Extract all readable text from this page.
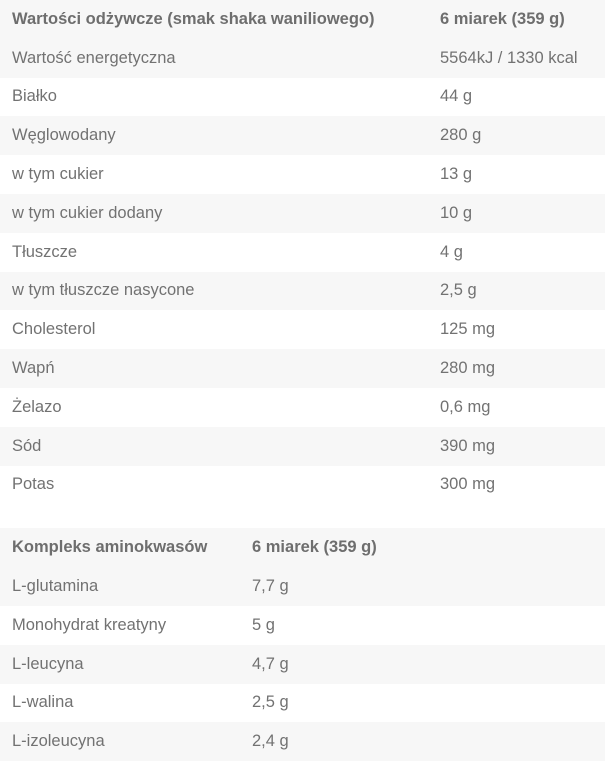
Wartości odżywcze (smak shaka waniliowego)	6 miarek (359 g)
Wartość energetyczna	5564kJ / 1330 kcal
Białko	44 g
Węglowodany	280 g
w tym cukier	13 g
w tym cukier dodany	10 g
Tłuszcze	4 g
w tym tłuszcze nasycone	2,5 g
Cholesterol	125 mg
Wapń	280 mg
Żelazo	0,6 mg
Sód	390 mg
Potas	300 mg
Kompleks aminokwasów	6 miarek (359 g)
L-glutamina	7,7 g
Monohydrat kreatyny	5 g
L-leucyna	4,7 g
L-walina	2,5 g
L-izoleucyna	2,4 g
